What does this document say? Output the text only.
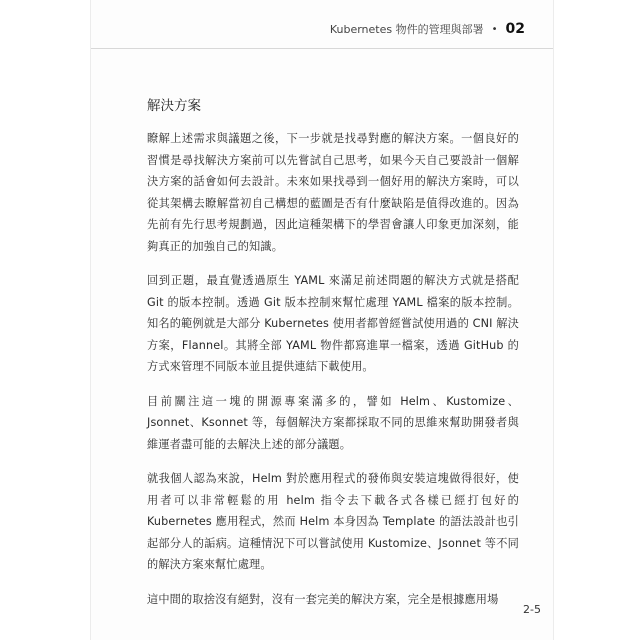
Kubernetes 物件的管理與部署 • 02
解決方案

瞭解上述需求與議題之後，下一步就是找尋對應的解決方案。一個良好的習慣是尋找解決方案前可以先嘗試自己思考，如果今天自己要設計一個解決方案的話會如何去設計。未來如果找尋到一個好用的解決方案時，可以從其架構去瞭解當初自己構想的藍圖是否有什麼缺陷是值得改進的。因為先前有先行思考規劃過，因此這種架構下的學習會讓人印象更加深刻，能夠真正的加強自己的知識。

回到正題，最直覺透過原生 YAML 來滿足前述問題的解決方式就是搭配 Git 的版本控制。透過 Git 版本控制來幫忙處理 YAML 檔案的版本控制。知名的範例就是大部分 Kubernetes 使用者都曾經嘗試使用過的 CNI 解決方案，Flannel。其將全部 YAML 物件都寫進單一檔案，透過 GitHub 的方式來管理不同版本並且提供連結下載使用。

目前關注這一塊的開源專案滿多的，譬如 Helm、Kustomize、Jsonnet、Ksonnet 等，每個解決方案都採取不同的思維來幫助開發者與維運者盡可能的去解決上述的部分議題。

就我個人認為來說，Helm 對於應用程式的發佈與安裝這塊做得很好，使用者可以非常輕鬆的用 helm 指令去下載各式各樣已經打包好的 Kubernetes 應用程式，然而 Helm 本身因為 Template 的語法設計也引起部分人的詬病。這種情況下可以嘗試使用 Kustomize、Jsonnet 等不同的解決方案來幫忙處理。

這中間的取捨沒有絕對，沒有一套完美的解決方案，完全是根據應用場

2-5
